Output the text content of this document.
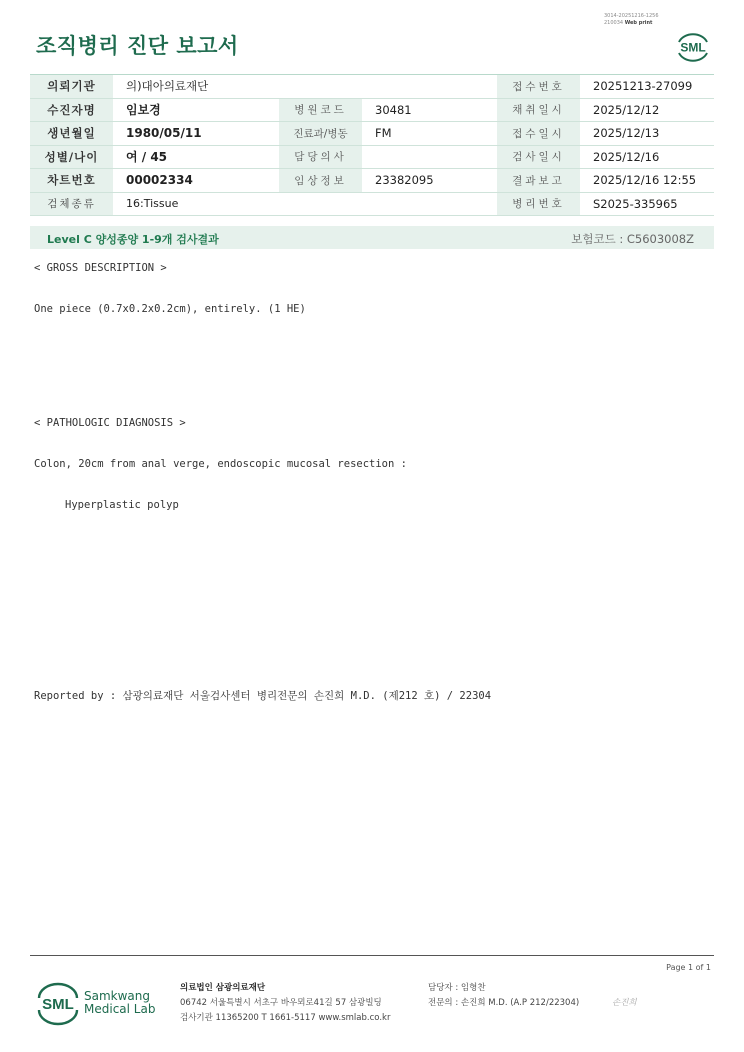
조직병리 진단 보고서
3014-20251216-1256
210034 Web print
SML
의뢰기관	의)대아의료재단			접수번호	20251213-27099
수진자명	임보경	병원코드	30481	채취일시	2025/12/12
생년월일	1980/05/11	진료과/병동	FM	접수일시	2025/12/13
성별/나이	여 / 45	담당의사		검사일시	2025/12/16
차트번호	00002334	임상정보	23382095	결과보고	2025/12/16 12:55
검체종류	16:Tissue			병리번호	S2025-335965
Level C 양성종양 1-9개 검사결과	보험코드 : C5603008Z
< GROSS DESCRIPTION >
One piece (0.7x0.2x0.2cm), entirely. (1 HE)
< PATHOLOGIC DIAGNOSIS >
Colon, 20cm from anal verge, endoscopic mucosal resection :
Hyperplastic polyp
Reported by : 삼광의료재단 서울검사센터 병리전문의 손진희 M.D. (제212 호) / 22304
Page 1 of 1
SML Samkwang
Medical Lab
의료법인 삼광의료재단
06742 서울특별시 서초구 바우뫼로41길 57 삼광빌딩
검사기관 11365200 T 1661-5117 www.smlab.co.kr
담당자 : 임형찬
전문의 : 손진희 M.D. (A.P 212/22304)	손진희
